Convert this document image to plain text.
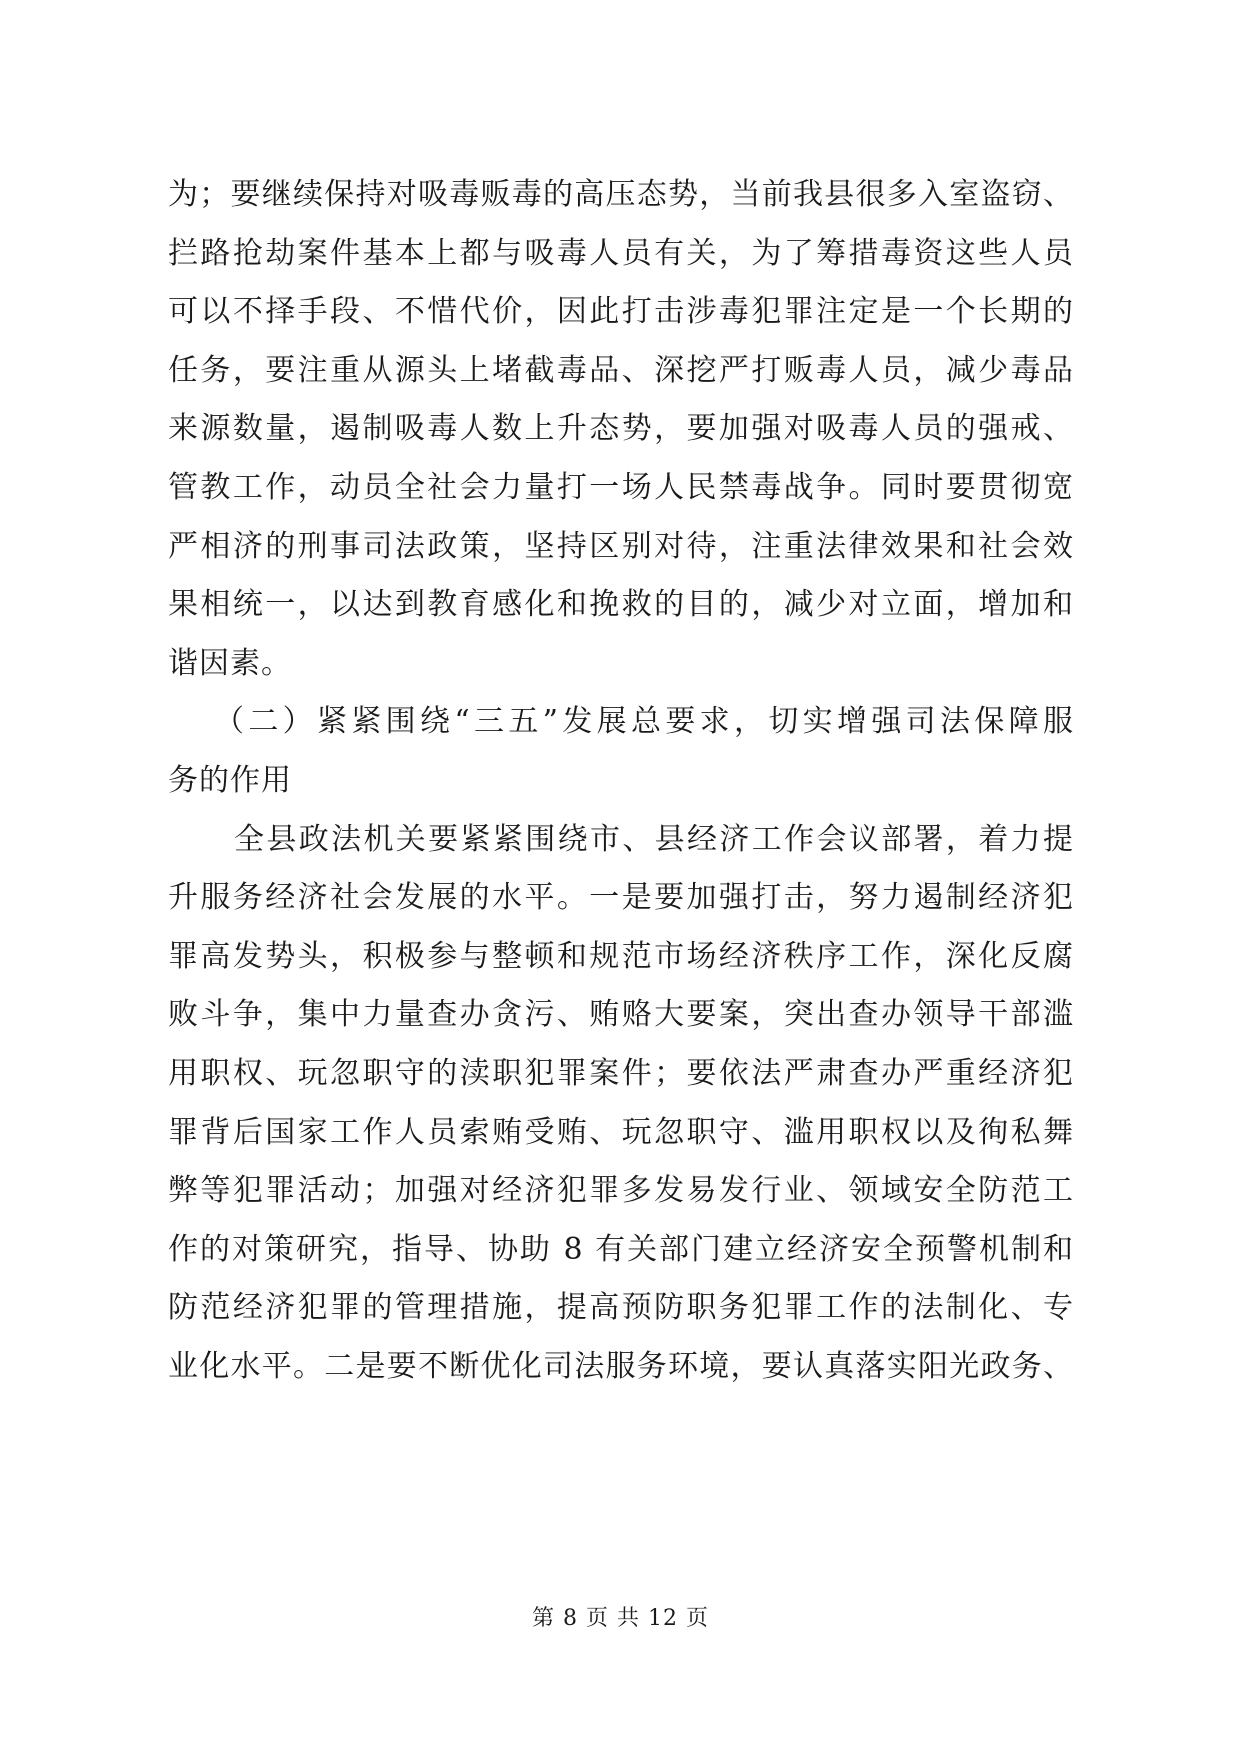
为；要继续保持对吸毒贩毒的高压态势，当前我县很多入室盗窃、
拦路抢劫案件基本上都与吸毒人员有关，为了筹措毒资这些人员
可以不择手段、不惜代价，因此打击涉毒犯罪注定是一个长期的
任务，要注重从源头上堵截毒品、深挖严打贩毒人员，减少毒品
来源数量，遏制吸毒人数上升态势，要加强对吸毒人员的强戒、
管教工作，动员全社会力量打一场人民禁毒战争。同时要贯彻宽
严相济的刑事司法政策，坚持区别对待，注重法律效果和社会效
果相统一，以达到教育感化和挽救的目的，减少对立面，增加和
谐因素。
（二）紧紧围绕“三五”发展总要求，切实增强司法保障服
务的作用
全县政法机关要紧紧围绕市、县经济工作会议部署，着力提
升服务经济社会发展的水平。一是要加强打击，努力遏制经济犯
罪高发势头，积极参与整顿和规范市场经济秩序工作，深化反腐
败斗争，集中力量查办贪污、贿赂大要案，突出查办领导干部滥
用职权、玩忽职守的渎职犯罪案件；要依法严肃查办严重经济犯
罪背后国家工作人员索贿受贿、玩忽职守、滥用职权以及徇私舞
弊等犯罪活动；加强对经济犯罪多发易发行业、领域安全防范工
作的对策研究，指导、协助 8 有关部门建立经济安全预警机制和
防范经济犯罪的管理措施，提高预防职务犯罪工作的法制化、专
业化水平。二是要不断优化司法服务环境，要认真落实阳光政务、
第 8 页 共 12 页
